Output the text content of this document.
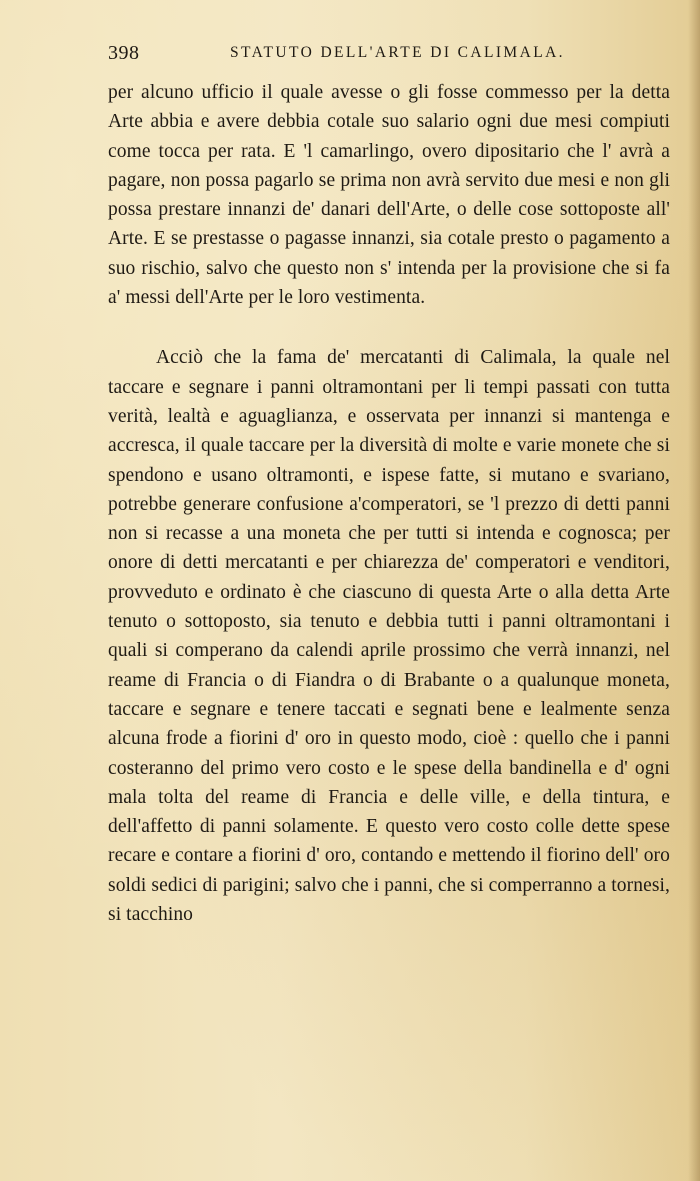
398	STATUTO DELL'ARTE DI CALIMALA.

per alcuno ufficio il quale avesse o gli fosse commesso per la detta Arte abbia e avere debbia cotale suo salario ogni due mesi compiuti come tocca per rata. E 'l camarlingo, overo dipositario che l' avrà a pagare, non possa pagarlo se prima non avrà servito due mesi e non gli possa prestare innanzi de' danari dell'Arte, o delle cose sottoposte all' Arte. E se prestasse o pagasse innanzi, sia cotale presto o pagamento a suo rischio, salvo che questo non s' intenda per la provisione che si fa a' messi dell'Arte per le loro vestimenta.

Acciò che la fama de' mercatanti di Calimala, la quale nel taccare e segnare i panni oltramontani per li tempi passati con tutta verità, lealtà e aguaglianza, e osservata per innanzi si mantenga e accresca, il quale taccare per la diversità di molte e varie monete che si spendono e usano oltramonti, e ispese fatte, si mutano e svariano, potrebbe generare confusione a'comperatori, se 'l prezzo di detti panni non si recasse a una moneta che per tutti si intenda e cognosca; per onore di detti mercatanti e per chiarezza de' comperatori e venditori, provveduto e ordinato è che ciascuno di questa Arte o alla detta Arte tenuto o sottoposto, sia tenuto e debbia tutti i panni oltramontani i quali si comperano da calendi aprile prossimo che verrà innanzi, nel reame di Francia o di Fiandra o di Brabante o a qualunque moneta, taccare e segnare e tenere taccati e segnati bene e lealmente senza alcuna frode a fiorini d' oro in questo modo, cioè : quello che i panni costeranno del primo vero costo e le spese della bandinella e d' ogni mala tolta del reame di Francia e delle ville, e della tintura, e dell'affetto di panni solamente. E questo vero costo colle dette spese recare e contare a fiorini d' oro, contando e mettendo il fiorino dell' oro soldi sedici di parigini; salvo che i panni, che si comperranno a tornesi, si tacchino
